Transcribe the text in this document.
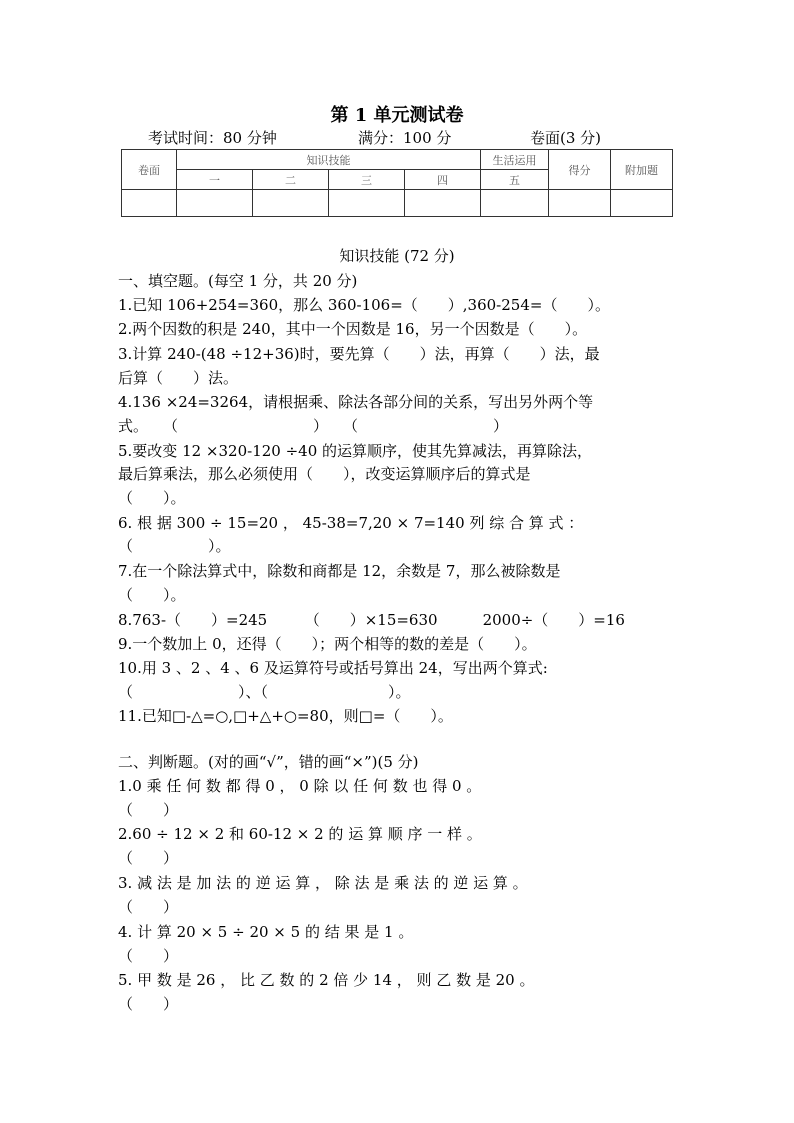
第 1 单元测试卷
考试时间：80 分钟	满分：100 分	卷面(3 分)
卷面	知识技能				生活运用	得分	附加题
	一	二	三	四	五		

知识技能 (72 分)
一、填空题。(每空 1 分，共 20 分)
1.已知 106+254=360，那么 360-106=（　　）,360-254=（　　）。
2.两个因数的积是 240，其中一个因数是 16，另一个因数是（　　）。
3.计算 240-(48 ÷12+36)时，要先算（　　）法，再算（　　）法，最
后算（　　）法。
4.136 ×24=3264，请根据乘、除法各部分间的关系，写出另外两个等
式。　　（　　　　　　　　　）　　（　　　　　　　　　）
5.要改变 12 ×320-120 ÷40 的运算顺序，使其先算减法，再算除法，
最后算乘法，那么必须使用（　　），改变运算顺序后的算式是
（　　）。
6. 根 据 300 ÷ 15=20 ， 45-38=7,20 × 7=140 列 综 合 算 式 ：
（　　　　　）。
7.在一个除法算式中，除数和商都是 12，余数是 7，那么被除数是
（　　）。
8.763-（　　）=245　　　（　　）×15=630　　　2000÷（　　）=16
9.一个数加上 0，还得（　　）；两个相等的数的差是（　　）。
10.用 3 、2 、4 、6 及运算符号或括号算出 24，写出两个算式:
（　　　　　　　）、（　　　　　　　　）。
11.已知□-△=○,□+△+○=80，则□=（　　）。
二、判断题。(对的画“√”，错的画“×”)(5 分)
1.0 乘 任 何 数 都 得 0 ， 0 除 以 任 何 数 也 得 0 。
（　　）
2.60 ÷ 12 × 2 和 60-12 × 2 的 运 算 顺 序 一 样 。
（　　）
3. 减 法 是 加 法 的 逆 运 算 ， 除 法 是 乘 法 的 逆 运 算 。
（　　）
4. 计 算 20 × 5 ÷ 20 × 5 的 结 果 是 1 。
（　　）
5. 甲 数 是 26 ， 比 乙 数 的 2 倍 少 14 ， 则 乙 数 是 20 。
（　　）
